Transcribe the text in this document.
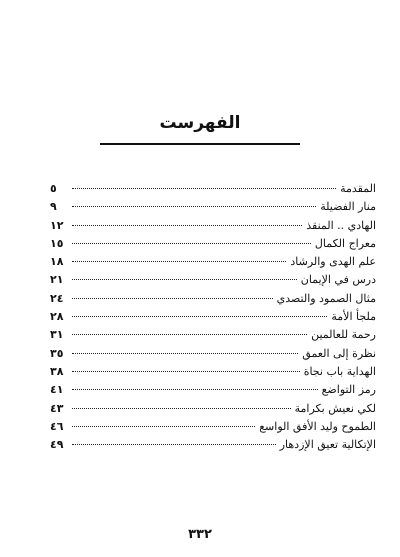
الفهرست
المقدمة
٥
منار الفضيلة
٩
الهادي .. المنقذ
١٢
معراج الكمال
١٥
علم الهدى والرشاد
١٨
درس في الإيمان
٢١
مثال الصمود والتصدي
٢٤
ملجأ الأمة
٢٨
رحمة للعالمين
٣١
نظرة إلى العمق
٣٥
الهداية باب نجاة
٣٨
رمز التواضع
٤١
لكي نعيش بكرامة
٤٣
الطموح وليد الأفق الواسع
٤٦
الإتكالية تعيق الإزدهار
٤٩
٣٣٢
